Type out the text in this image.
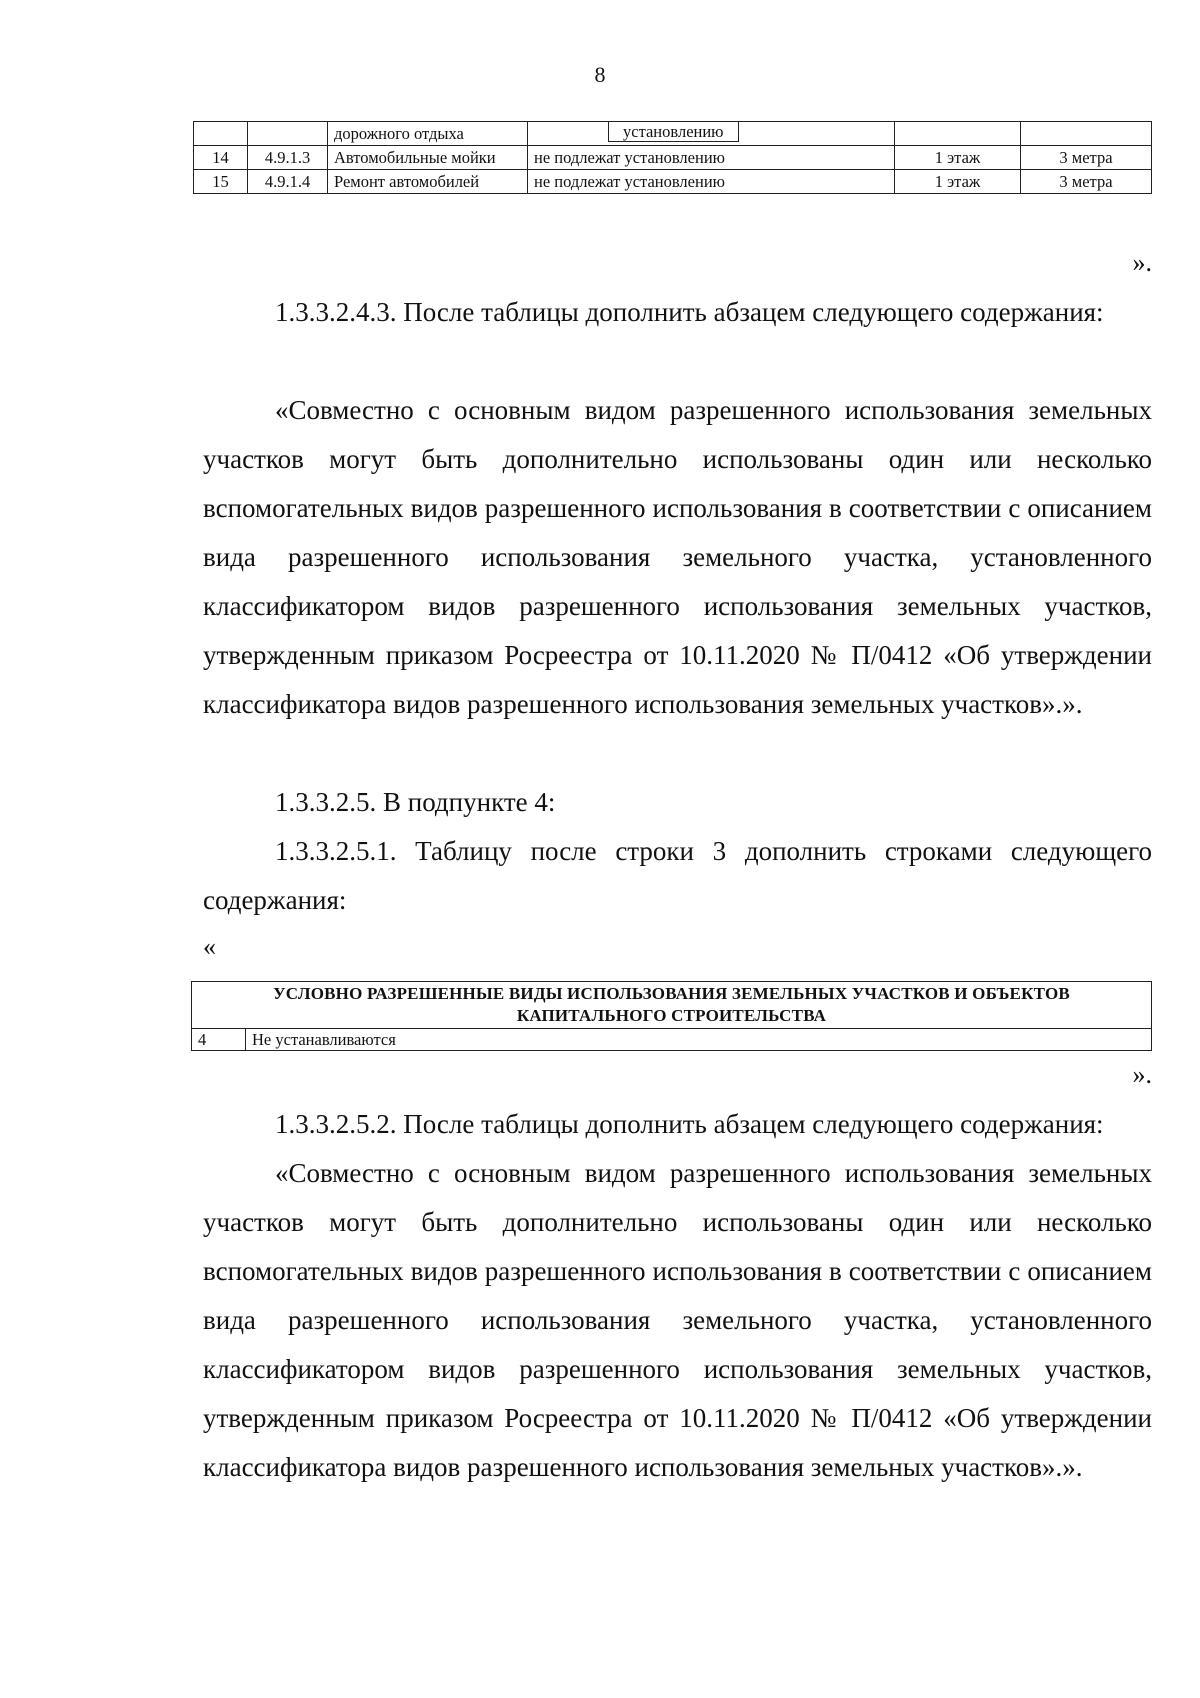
8
		дорожного отдыха	установлению		
14	4.9.1.3	Автомобильные мойки	не подлежат установлению	1 этаж	3 метра
15	4.9.1.4	Ремонт автомобилей	не подлежат установлению	1 этаж	3 метра
».

1.3.3.2.4.3. После таблицы дополнить абзацем следующего содержания:

«Совместно с основным видом разрешенного использования земельных участков могут быть дополнительно использованы один или несколько вспомогательных видов разрешенного использования в соответствии с описанием вида разрешенного использования земельного участка, установленного классификатором видов разрешенного использования земельных участков, утвержденным приказом Росреестра от 10.11.2020 № П/0412 «Об утверждении классификатора видов разрешенного использования земельных участков».».

1.3.3.2.5. В подпункте 4:

1.3.3.2.5.1. Таблицу после строки 3 дополнить строками следующего содержания:

«
УСЛОВНО РАЗРЕШЕННЫЕ ВИДЫ ИСПОЛЬЗОВАНИЯ ЗЕМЕЛЬНЫХ УЧАСТКОВ И ОБЪЕКТОВ КАПИТАЛЬНОГО СТРОИТЕЛЬСТВА
4	Не устанавливаются
».

1.3.3.2.5.2. После таблицы дополнить абзацем следующего содержания:

«Совместно с основным видом разрешенного использования земельных участков могут быть дополнительно использованы один или несколько вспомогательных видов разрешенного использования в соответствии с описанием вида разрешенного использования земельного участка, установленного классификатором видов разрешенного использования земельных участков, утвержденным приказом Росреестра от 10.11.2020 № П/0412 «Об утверждении классификатора видов разрешенного использования земельных участков».».
